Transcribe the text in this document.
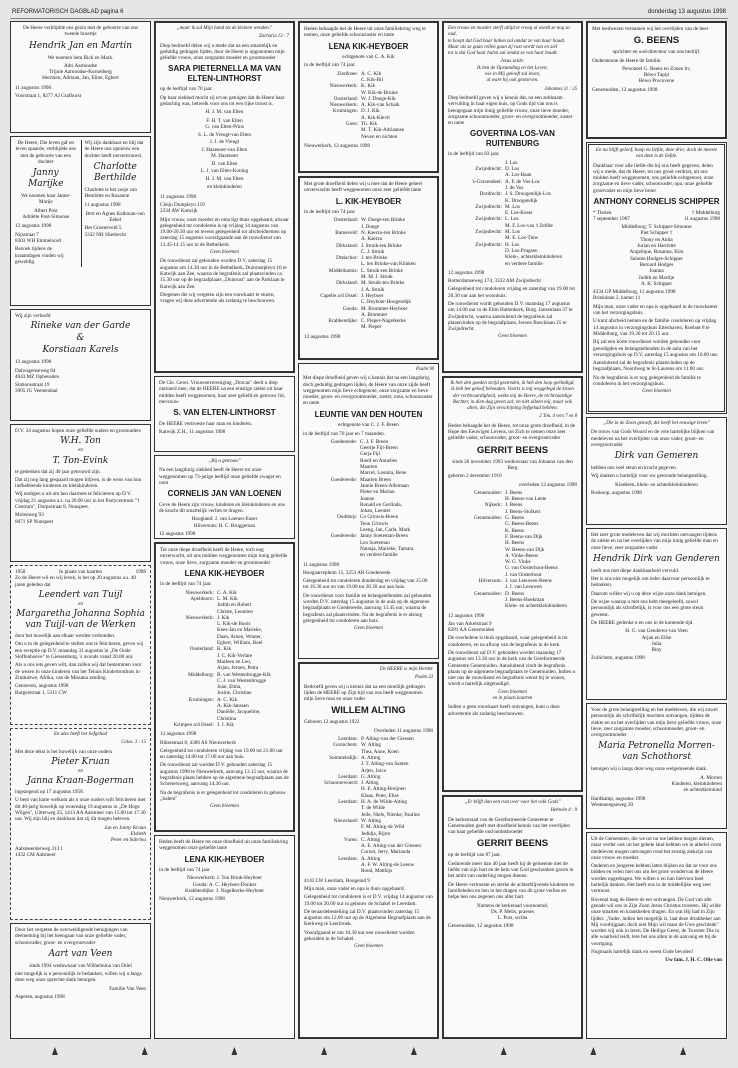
REFORMATORISCH DAGBLAD pagina 6	donderdag 13 augustus 1998

De Heere verblijdde ons gezin met de geboorte van ons tweede broertje

Hendrik Jan en Martin

We noemen hem Rick en Mark.

Adri Aarnoudse
Trijnie Aarnoudse-Kornelberg
Hermien, Adriaan, Jan, Eline, Egbert

11 augustus 1998

Voorstraat 1, 8277 AJ Grafhorst

De Heere, Die leven gaf en leven spaarde, verblijdde ons met de geboorte van een dochter

Janny Marijke

We noemen haar Janne-Marije

Albert Post
Adriëtte Post-Simonse

12 augustus 1998

Nijsstraat 7
8303 WH Emmeloord

Bezoek tijdens de kraamdagen vinden wij geweldig.

Wij zijn dankbaar en blij dat de Heere ons opnieuw een dochter heeft toevertrouwd.

Charlotte Berthilde

Charlotte is het zusje van Henriëtte en Rosanne

11 augustus 1998

Bert en Agnes Kalkman-van Eekel

Het Groeneveld 5
3332 NH Sliedrecht

Wij zijn verloofd

Rineke van der Garde
&
Korstiaan Karels

13 augustus 1998

Dalwagenseweg 84
4043 MZ Opheusden

Stationsstraat 19
3905 JG Veenendaal

D.V. 24 augustus hopen onze geliefde ouders en grootouders

W.H. Ton

en

T. Ton-Evink

te gedenken dat zij 40 jaar getrouwd zijn.

Dat zij nog lang gespaard mogen blijven, is de wens van hun liefhebbende kinderen en kleinkinderen.

Wij nodigen u uit om hen daarmee te feliciteren op D.V. vrijdag 21 augustus a.s. na 20.00 uur in het Partycentrum "'t Centrum", Dorpsstraat 8, Nunspeet.

Molenweg 93
8071 SP Nunspeet

1958	In plaats van kaarten	1998

Zo de Heere wil en wij leven, is het op 20 augustus a.s. 40 jaren geleden dat

Leendert van Tuijl

en

Margaretha Johanna Sophia van Tuijl-van de Werken

door het huwelijk aan elkaar werden verbonden.

Om u in de gelegenheid te stellen ons te feliciteren, geven wij een receptie op D.V. maandag 31 augustus in „De Oude Stoffenhoeve" te Giessenburg, 's avonds vanaf 20.00 uur.

Als u ons iets geven wilt, dan zullen wij dat bestemmen voor de wezen in onze kinderen van het Tehuis Kinderbrothuis in Zimbabwe, Afrika, van de Missana zending.

Genoeven, augustus 1998
Burgerstraat 1, 5311 CW

En alzo heeft het liefgehad

Colos. 3 : 15

Met deze tekst is het huwelijk van onze ouders

Pieter Kruan

en

Janna Kraan-Bogerman

ingezegend op 17 augustus 1958.

U bent van harte welkom als u onze ouders wilt feliciteren met dit 40-jarig huwelijk op woensdag 19 augustus in „De Hoge Wilgen", Uitterweg 25, 1413 AA Aalsmeer van 15.00 tot 17.30 uur. Wij zijn blij en dankbaar dat zij dit mogen beleven.

Jan en Janny Kraan
Elsbeth
Peter en Sabrina

Aalsmeerderweg 213 I
1432 CM Aalsmeer

Door het vergeten de overweldigende betuigingen van deelneming bij het heengaan van onze geliefde vader, schoonvader, groot- en overgrootvader

Aart van Veen

sinds 1994 weduwnaar van Wilhelmina van Driel

niet mogelijk is u persoonlijk te bedanken, willen wij u langs deze weg onze oprechte dank betuigen.

Familie Van Veen

Asperen, augustus 1998

„maar ik zal Mijn hand tot de kleinen wenden."

Zacharia 13 : 7

Diep bedroefd delen wij u mede dat na een smartelijk en geduldig gedragen lijden, door de Heere is opgenomen mijn geliefde vrouw, onze zorgzame moeder en grootmoeder

SARA PIETERNELLA MA VAN ELTEN-LINTHORST

op de leeftijd van 70 jaar.

Op haar ziekbed mocht zij ervan getuigen dat de Heere haar gedachtig was, hetwelk voor ons tot een rijke troost is.

H. J. M. van Elten

F. H. T. van Elten
G. van Elten-Prins

S. L. de Vreugt-van Elten
J. J. de Vreugt

J. Hazenoet-van Elten
M. Hazenoet

D. van Elten
L. J. van Elten-Koning

H. J. M. van Elten

en kleinkinderen

11 augustus 1998

Cleijn Duinpleyn 119
2234 AW Katwijk

Mijn vrouw, onze moeder en oma ligt thuis opgebaard, alwaar gelegenheid tot condoleren is op vrijdag 14 augustus van 19.00-20.30 uur en tevens gelegenheid tot afscheidnemen op zaterdag 15 augustus voorafgaande aan de rouwdienst van 13.45-14.15 uur in de Bethelkerk.

Geen bloemen

De rouwdienst zal gehouden worden D.V. zaterdag 15 augustus om 14.30 uur in de Bethelkerk, Duinrustpleyn 10 te Katwijk aan Zee, waarna de begrafenis zal plaatsvinden ca. 15.30 uur op de begraafplaats „Duinrust" aan de Parklaan te Katwijk aan Zee.

Diegenen die wij vergeten zijn een rouwkaart te sturen, vragen wij deze advertentie als zodanig te beschouwen.

De Chr. Gerei. Vrouwenvereniging „Dorcas" deelt u diep ontroerd mee, dat de HEERE na een ernstige ziekte uit haar midden heeft weggenomen, haar zeer geliefd en getrouw lid, mevrouw

S. VAN ELTEN-LINTHORST

De HEERE vertroeste haar man en kinderen.

Katwijk Z.H., 11 augustus 1998

„Bij u getrouw"

Na een langdurig ziekbed heeft de Heere tot onze weggenomen op 73-jarige leeftijd onze geliefde zwager en oom

CORNELIS JAN VAN LOENEN

Gove de Heere zijn vrouw, kinderen en kleinkinderen en ons de kracht dit smartelijk verlies te dragen.

Hoogland: J. van Loenen-Euser
Hilversum: H. C. Bruggeman

12 augustus 1998

Tot onze diepe droefheid heeft de Heere, toch nog onverwacht, uit ons midden weggenomen mijn innig geliefde vrouw, onze lieve, zorgzame moeder en grootmoeder

LENA KIK-HEYBOER

in de leeftijd van 74 jaar.

Nieuwerkerk: C. A. Kik
Apeldoorn: L. M. Kik
Judith en Robert
Christe, Leontien
Nieuwerkerk: J. Kik
L. Kik-de Boois
Kees-Jan en Marieke,
Daan, Arnen, Wouter,
Egbert, William, Roel
Oosterland: K. Kik
J. C. Kik-Verlare
Marleen en Leo,
Arjan, Jeroen, Petra
Middelburg: B. van Westenbrugge-Kik
C. J. van Westenbrugge
Joan, Elma,
Josine, Christian
Kruiningen: A. C. Kik
A. Kik-Janssen
Daniëlle, Jacqueline,
Christina
Krimpen a/d IJssel: J. J. Kik

12 augustus 1998

Ribsestraat 8, 4306 AS Nieuwerkerk

Gelegenheid tot condoleren vrijdag van 19.00 tot 21.00 uur en zaterdag 14.00 tot 17.00 uur aan huis.

De rouwdienst zal worden D.V. gehouden zaterdag 15 augustus 1998 te Nieuwerkerk, aanvang 13.15 uur, waarna de begrafenis plaats hebben op de algemene begraafplaats aan de Schreiersweg, aanvang 14.30 uur.

Na de begrafenis is er gelegenheid tot condoleren in gebouw „Salem"

Geen bloemen

Heden heeft de Heere tot onze droefheid uit onze familiekring weggenomen onze geliefde tante

LENA KIK-HEYBOER

in de leeftijd van 74 jaar.

Nieuwerkerk: J. Ton Brink-Heyboer
Gouda: A. C. Heyboer-Donker
Krabbendijke: J. Nagelkerke-Heyboer

Nieuwerkerk, 12 augustus 1998

Heden behaagde het de Heere uit onze familiekring weg te nemen, onze geliefde schoonzuster en tante

LENA KIK-HEYBOER

echtgenote van C. A. Kik

in de leeftijd van 74 jaar.

Zierikzee: A. C. Kik
C. Kik-Bil
Nieuwerkerk: K. Kik
W. Kik-de Bruine
Oosterland: W. J. Doege-Kik
Nieuwerkerk: A. Kik-van Schaik
Kruiningen: D. J. Kik
A. Kik-Kievit
Goes: Th. Kik
M. T. Kik-Adriaanse
Neven en nichten

Nieuwerkerk, 12 augustus 1998

Met grote droefheid delen wij u mee dat de Heere geheel onverwachts heeft weggenomen onze zeer geliefde tante

L. KIK-HEYBOER

in de leeftijd van 74 jaar.

Oosterland: W. Doege-ten Brinke
J. Doege
Barneveld: N. Kaerzo-ten Brinke
A. Kaerzo
Dirksland: J. Struik-ten Brinke
C. J. Struik
Dreischor: J. ten Brinke
L. ten Brinke-van Klinken
Middelharnis: L. Struik-ten Brinke
M. M. J. Struik
Dirksland: M. Struik-ten Brinke
J. A. Struik
Capelle a/d IJssel: J. Heyboer
C. Heyboer-Hoogendijk
Gouda: M. Brommer-Heyboer
A. Brommer
Krabbendijke: C. Pieper-Nagelkerke
M. Pieper

12 augustus 1998

Psalm 90

Met diepe droefheid geven wij u kennis dat na een langdurig, doch geduldig gedragen lijden, de Heere van onze zijde heeft weggenomen mijn lieve echtgenote, onze zorgzame en lieve moeder, groot- en overgrootmoeder, zuster, oma, schoonzuster en tante

LEUNTIE VAN DEN HOUTEN

echtgenote van C. J. F. Breen

in de leeftijd van 70 jaar en 7 maanden.

Goedereede: C. J. F. Breen
Geertje Fijl-Breen
Gerja Fijl
Roelf en Annelies
Maarten
Marcel, Leonita, Rene
Goedereede: Maarten Breen
Jannie Breen-Allemaan
Pieter en Marian
Joanne
Ronald en Gerlinda,
Johan, Leenter
Ouddorp: Co Grinwis-Breen
Teun Grinwis
Leeng, Jan, Carla, Mark
Goedereede: Janny Soeteman-Breen
Leo Soeteman
Natasja, Marieke, Tamara
en verdere familie

11 augustus 1998

Hoogaarrepleim 15, 3253 AR Goedereede

Gelegenheid tot condoleren donderdag en vrijdag van 15.00 tot 16.30 uur en van 19.00 tot 20.30 uur aan huis.

De rouwdienst voor familie en belangstellenden zal gehouden worden D.V. zaterdag 15 augustus in de aula op de algemene begraafplaats te Goedereede, aanvang 13.45 uur, waarna de begrafenis zal plaatsvinden. Na de begrafenis is er alsnog gelegenheid tot condoleren aan huis.

Geen bloemen

De HEERE is mijn Herder

Psalm 23

Bedroefd geven wij u kennis dat na een moeilijk gedragen lijden de HEERE op Zijn tijd van ons heeft weggenomen mijn lieve man en onze vader

WILLEM ALTING

Geboren 12 augustus 1922

Overleden 11 augustus 1998

Leerdam: P. Alting-van der Giessen
Gorinchem: W. Alting
Thea, Anne, Koen
Sommelsdijk: A. Alting
J. T. Alting-van Santen
Arjen, Jarco
Leerdam: G. Alting
Schoonrewoerd: J. Alting
H. E. Alting-Breijnen
Klaas, Peter, Elise
Leerdam: H. A. de Wilde-Alting
T. de Wilde
Jelle, Niels, Nienke, Pauline
Nieuwland: W. Alting
F. M. Alting-de Wild
Jedidja, Bijrre
Vuren: C. Alting
A. E. Alting-van der Giessen
Cornel, Jerry, Marianda
Leerdam: A. Alting
A. F. W. Alting-de Leeuw
Roud, Matthijs

4143 LW Leerdam, Hoogeind 9

Mijn man, onze vader en opa is thuis opgebaard.

Gelegenheid tot condoleren is er D.V. vrijdag 14 augustus van 19.00 tot 20.00 uur in gebouw de Schakel te Leerdam.

De teraardebestelling zal D.V. plaatsvinden zaterdag 15 augustus om 12.00 uur op de Algemene Begraafplaats aan de Kerkweg te Leerbroek.

Voorafgaand er om 10.30 uur een rouwdienst worden gehouden in de Schakel.

Geen bloemen

Een vrouw en moeder sterft altijd te vroeg al wordt ze nog zo oud,
te hoopt dat God haar haben zal omdat ze van haar houdt.
Maar als ze gaan rellen gaan zij rust wordt van en ziel
tot is dat God haar halen zal omdat ze van haar houdt.

Jezus zeide:
Ik ben de Opstanding en het Leven;
wie in Mij gelooft zal leven,
al ware hij ook gestorven.

Johannes 11 : 25

Diep bedroefd geven wij u kennis dat, na een zeldzaam vervulling in haar eigen huis, op Gods tijd van ons is heengegaan mijn innig geliefde vrouw, onze lieve moeder, zorgzame schoonmoeder, groot- en overgrootmoeder, zuster en tante

GOVERTINA LOS-VAN RUITENBURG

in de leeftijd van 83 jaar.

J. Los
Zwijndrecht: D. Los
A. Los-Baan
's-Gravendeel: A. F. de Vos-Los
J. de Vos
Dordrecht: J. S. Droogendijk-Los
K. Droogendijk
Zwijndrecht: M. Los
E. Los-Kuser
Zwijndrecht: L. Los
M. F. Los-van 't Zelfde
Zwijndrecht: M. Los
M. E. Los-Tims
Zwijndrecht: H. Los
D. Los-Prugsen
Klein-, achterkleinkinderen
en verdere familie

12 augustus 1998

Rotterdamseweg 174, 3332 AM Zwijndrecht

Gelegenheid tot condoleren vrijdag en zaterdag van 19.00 tot 20.30 uur aan het woonhuis.

De rouwdienst wordt gehouden D.V. maandag 17 augustus om 14.00 uur in de Elim Hattenkerk, Burg. Jansenlaan 37 te Zwijndrecht, waarna aansluitend de begrafenis zal plaatsvinden op de begraafplaats, Jeroen Boschlaan 25 te Zwijndrecht.

Geen bloemen

Ik heb den goeden strijd gestreden, ik heb den loop geëindigd, ik heb het geloof behouden. Voorts is mij weggelegd de kroon der rechtvaardigheid, welke mij de Heere, de rechtvaardige Rechter, in dien dag geven zal; en niet alleen mij, maar ook allen, die Zijn verschijning liefgehad hebben.

2 Tim. 4 vers 7 en 8

Heden behaagde het de Heere, tot onze grote droefheid, in de Hope des Eeuwigen Levens, tot Zich te nemen onze zeer geliefde vader, schoonvader, groot- en overgrootvader

GERRIT BEENS

sinds 26 november 1993 weduwnaar van Johanna van den Berg

geboren 2 december 1910

overleden 12 augustus 1998

Genemuiden: J. Beens
H. Beens-van Lente
Nijkerk: J. Beens
J. Beens-Stolkert
Genemuiden: G. Beens
G. Beens-Beens
K. Beens
F. Beens-van Dijk
H. Beens
W. Beens-van Dijk
A. Vinke-Beens
W. G. Vinke
G. van Oosterhout-Beens
J. van Oosterhout
Hilversum: J. van Leeuwen-Beens
J. J. van Leeuwen
Genemuiden: D. Beens
J. Beens-Hoekman
Klein- en achterkleinkinderen

12 augustus 1998

Jan van Arkelstraat 9
8281 AA Genemuiden

De overledene is thuis opgebaard, waar gelegenheid is tot condoleren, en na afloop van de begrafenis in de kerk.

De rouwdienst zal D.V. gehouden worden maandag 17 augustus om 13.30 uur in de kerk van de Gereformeerde Gemeente Genemuiden. Aansluitend vindt de begrafenis plaats op de algemene begraafplaats te Genemuiden. Indien u niet ons de rouwdienst en begrafenis wenst bij te wonen, wordt u hartelijk uitgenodigd.

Geen bloemen
en in plaats kaarten

Indien u geen rouwkaart heeft ontvangen, kunt u deze advertentie als zodanig beschouwen.

„Er blijft dan een rust over voor het volk Gods"

Hebreën 4 : 9

De kerkenraad van de Gereformeerde Gemeente te Genemuiden geeft met droefheid kennis van het overlijden van haar geliefde oud-ambtsbroeder

GERRIT BEENS

op de leeftijd van 87 jaar.

Gedurende meer dan 40 jaar heeft hij de gemeente met de liefde van zijn hart en de hem van God geschonken gaven in het ambt van ouderling mogen dienen.

De Heere vertroeste en sterke de achterblijvende kinderen en familieleden en hen in het dragen van dit grote verlies en helpe hen ons zegenen ons aller hart.

Namens de kerkeraad voornoemd,
Ds. P. Melis, praeses
L. Post, scriba

Genemuiden, 12 augustus 1998

Met leedwezen vernamen wij het overlijden van de heer

G. BEENS

oprichter en oud-directeur van ons bedrijf.

Ondersteune de Heere de familie.

Personeel G. Beens en Zonen bv,
Béwo Tapijt
Béwo Procovene

Genemuiden, 12 augustus 1998

En nu blijft geloof, hoop en liefde, deze drie; doch de meeste van deze is de liefde.

Dankbaar voor alle liefde die hij ons heeft gegeven, delen wij u mede, dat de Heere, tot ons groot verdriet, uit ons midden heeft weggenomen, ons geliefde echtgenoot, onze zorgzame en lieve vader, schoonvader, opa, onze geliefde grootvader en mijn lieve broer

ANTHONY CORNELIS SCHIPPER
* Tholen
7 september 1907
† Middelburg
11 augustus 1998

Middelburg: T. Schipper-Simonse
Piet Schipper †
Thony en Anita
Jurian en Harriette
Angelique, Rosanna, Kim
Salome Hodges-Schipper
Bernard Hodges
Joanna
Judith en Martijn
A. K. Schipper

4334 GP Middelburg, 11 augustus 1998
Brinkdaan 2, kamer 11

Mijn man, onze vader en opa is opgebaard in de rouwkamer van het verzorgingshuis.

U kunt afscheid nemen en de familie condoleren op vrijdag 14 augustus in verzorgingshuis Ettenhaven, Roelant 8 te Middelburg, van 19.30 tot 20.15 uur.

Bij zal een korte rouwdienst worden gehouden voor genodigden en belangstellenden in de aula van het verzorgingshuis op D.V. zaterdag 15 augustus om 10.00 uur.

Aansluitend zal de begrafenis plaatsvinden op de begraafplaats, Noordweg te St-Laurens om 11.00 uur.

Na de begrafenis is er nog gelegenheid de familie te condoleren in het verzorgingshuis.

Geen bloemen

„Die in de Zoon gelooft, die heeft het eeuwige leven"

De trouw van Gods Woord en de vele hartelijke blijken van medeleven na het overlijden van onze vader, groot- en overgrootvader

Dirk van Gemeren

hebben ons veel steun en kracht gegeven.

Wij danken u hartelijk voor uw getoonde belangstelling.

Kinderen, klein- en achterkleinkinderen

Boskoop, augustus 1998

Het zeer grote medeleven dat wij mochten ontvangen tijdens de ziekte en na het overlijden van mijn innig geliefde man en onze lieve, zeer zorgzame vader

Hendrik Dirk van Genderen

heeft ons met diepe dankbaarheid vervuld.

Het is ons niet mogelijk om ieder daarvoor persoonlijk te bedanken.

Daarom willen wij u op deze wijze onze dank betuigen.

De wijze waarop u met ons hebt meegeleefd, zowel persoonlijk als schriftelijk, is voor ons een grote steun geweest.

De HEERE gedenke u en ons in de komende tijd.

H. G. van Genderen-van Veen
Arjan en Elise
Julia
Biny

Zuilichem, augustus 1998

Voor de grote belangstelling en het medeleven, die wij zowel persoonlijk als schriftelijk mochten ontvangen, tijdens de ziekte en na het overlijden van mijn lieve geliefde vrouw, onze lieve, zeer zorgzame moeder, schoonmoeder, groot- en overgrootmoeder

Maria Petronella Morren-van Schothorst

betuigen wij u langs deze weg onze welgemeende dank.

A. Morren
Kinderen, kleinkinderen
en achterkleinkind

Hardkamp, augustus 1998
Westenengseweg 20

Uit de Gemeenten, die we tot nu toe hebben mogen dienen, maar verder ook uit het gehele land hebben we in allerlei vorm medeleven mogen ontvangen rond het ernstig ziekzijn van onze vrouw en moeder.

Onderen en jongeren hebben laten blijken en dat ze voor ons bidden en velen met ons om het grote wondervan de Heere worden opgedragen. We willen u en hun hiervoor heel hartelijk danken. Het heeft ons in de middellijke weg zeer vertroost.

Bovenal mag de Heere de eer ontvangen. De God van alle genade wil ons in Zijn Zoon Jezus Christus troosten. Hij wilde onze smarten en krankheden dragen. En wat Hij had in Zijn lijden: „Vader, indien het mogelijk is, laat deze drinkbeker aan Mij voorbijgaan; doch niet Mijn wil maar de Uwe geschiede" worden wij ook in leren. De Heilige Geest, de Trooster Die in alle waarheid leidt, lere het ons allen in de aanvang en bij de voortgang.

Nogmaals hartelijk dank en weest Gode bevolen!

Uw fam. J. H. C. Olie van
